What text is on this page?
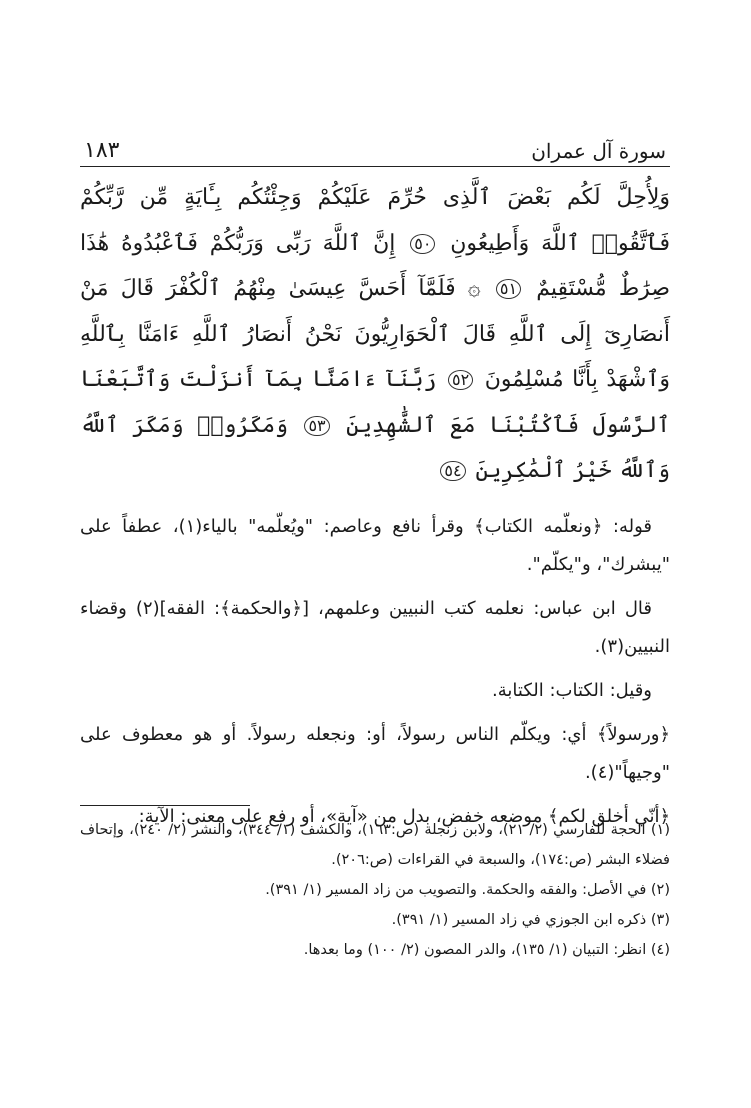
سورة آل عمران
١٨٣

وَلِأُحِلَّ لَكُم بَعْضَ ٱلَّذِى حُرِّمَ عَلَيْكُمْ وَجِئْتُكُم بِـَٔايَةٍ مِّن رَّبِّكُمْ فَٱتَّقُوا۟ ٱللَّهَ وَأَطِيعُونِ ٥٠ إِنَّ ٱللَّهَ رَبِّى وَرَبُّكُمْ فَٱعْبُدُوهُ هَٰذَا صِرَٰطٌ مُّسْتَقِيمٌ ٥١ ۞ فَلَمَّآ أَحَسَّ عِيسَىٰ مِنْهُمُ ٱلْكُفْرَ قَالَ مَنْ أَنصَارِىٓ إِلَى ٱللَّهِ قَالَ ٱلْحَوَارِيُّونَ نَحْنُ أَنصَارُ ٱللَّهِ ءَامَنَّا بِٱللَّهِ وَٱشْهَدْ بِأَنَّا مُسْلِمُونَ ٥٢ رَبَّنَآ ءَامَنَّا بِمَآ أَنزَلْتَ وَٱتَّبَعْنَا ٱلرَّسُولَ فَٱكْتُبْنَا مَعَ ٱلشَّٰهِدِينَ ٥٣ وَمَكَرُوا۟ وَمَكَرَ ٱللَّهُ وَٱللَّهُ خَيْرُ ٱلْمَٰكِرِينَ ٥٤

قوله: ﴿ونعلّمه الكتاب﴾ وقرأ نافع وعاصم: "ويُعلّمه" بالياء(١)، عطفاً على "يبشرك"، و"يكلّم".

قال ابن عباس: نعلمه كتب النبيين وعلمهم، [﴿والحكمة﴾: الفقه](٢) وقضاء النبيين(٣).

وقيل: الكتاب: الكتابة.

﴿ورسولاً﴾ أي: ويكلّم الناس رسولاً، أو: ونجعله رسولاً. أو هو معطوف على "وجيهاً"(٤).

﴿أنّي أخلق لكم﴾ موضعه خفض، بدل من «آية»، أو رفع على معنى: الآية:

(١) الحجة للفارسي (٢/ ٢١)، ولابن زنجلة (ص:١٦٣)، والكشف (١/ ٣٤٤)، والنشر (٢/ ٢٤٠)، وإتحاف فضلاء البشر (ص:١٧٤)، والسبعة في القراءات (ص:٢٠٦).

(٢) في الأصل: والفقه والحكمة. والتصويب من زاد المسير (١/ ٣٩١).

(٣) ذكره ابن الجوزي في زاد المسير (١/ ٣٩١).

(٤) انظر: التبيان (١/ ١٣٥)، والدر المصون (٢/ ١٠٠) وما بعدها.
